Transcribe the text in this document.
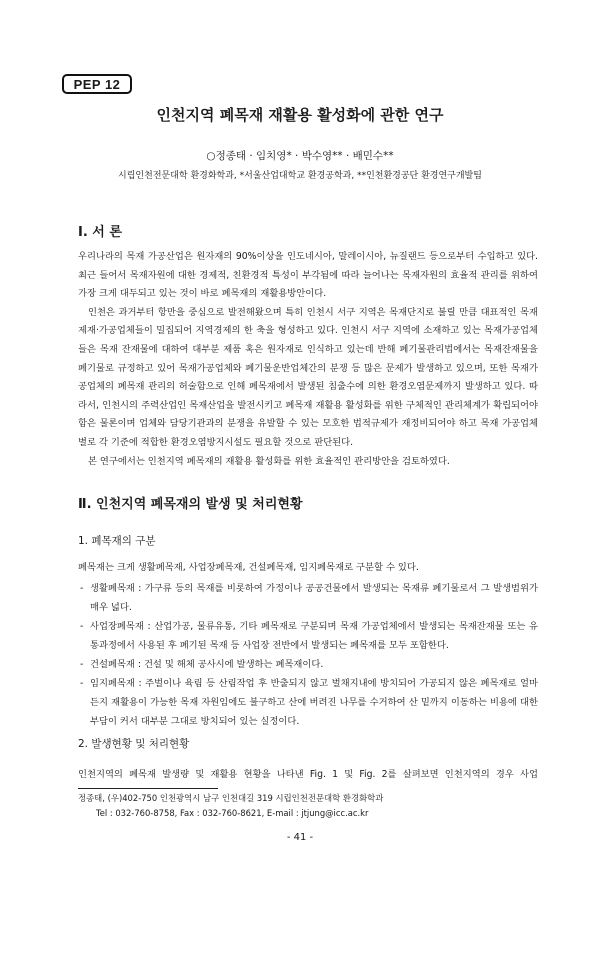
PEP 12
인천지역 폐목재 재활용 활성화에 관한 연구
○정종태 · 임치영* · 박수영** · 배민수**
시립인천전문대학 환경화학과, *서울산업대학교 환경공학과, **인천환경공단 환경연구개발팀
Ⅰ. 서 론

우리나라의 목재 가공산업은 원자재의 90%이상을 인도네시아, 말레이시아, 뉴질랜드 등으로부터 수입하고 있다. 최근 들어서 목재자원에 대한 경제적, 친환경적 특성이 부각됨에 따라 늘어나는 목재자원의 효율적 관리를 위하여 가장 크게 대두되고 있는 것이 바로 폐목재의 재활용방안이다.

인천은 과거부터 항만을 중심으로 발전해왔으며 특히 인천시 서구 지역은 목재단지로 불릴 만큼 대표적인 목재제재·가공업체들이 밀집되어 지역경제의 한 축을 형성하고 있다. 인천시 서구 지역에 소재하고 있는 목재가공업체들은 목재 잔재물에 대하여 대부분 제품 혹은 원자재로 인식하고 있는데 반해 폐기물관리법에서는 목재잔재물을 폐기물로 규정하고 있어 목재가공업체와 폐기물운반업체간의 분쟁 등 많은 문제가 발생하고 있으며, 또한 목재가공업체의 폐목재 관리의 허술함으로 인해 폐목재에서 발생된 침출수에 의한 환경오염문제까지 발생하고 있다. 따라서, 인천시의 주력산업인 목재산업을 발전시키고 폐목재 재활용 활성화를 위한 구체적인 관리체계가 확립되어야 함은 물론이며 업체와 담당기관과의 분쟁을 유발할 수 있는 모호한 법적규제가 재정비되어야 하고 목재 가공업체별로 각 기준에 적합한 환경오염방지시설도 필요할 것으로 판단된다.

본 연구에서는 인천지역 폐목재의 재활용 활성화를 위한 효율적인 관리방안을 검토하였다.

Ⅱ. 인천지역 폐목재의 발생 및 처리현황
1. 폐목재의 구분

폐목재는 크게 생활폐목재, 사업장폐목재, 건설폐목재, 임지폐목재로 구분할 수 있다.

- 생활폐목재 : 가구류 등의 목재를 비롯하여 가정이나 공공건물에서 발생되는 목재류 폐기물로서 그 발생범위가 매우 넓다.
- 사업장폐목재 : 산업가공, 물류유통, 기타 폐목재로 구분되며 목재 가공업체에서 발생되는 목재잔재물 또는 유통과정에서 사용된 후 폐기된 목재 등 사업장 전반에서 발생되는 폐목재를 모두 포함한다.
- 건설폐목재 : 건설 및 해체 공사시에 발생하는 폐목재이다.
- 임지폐목재 : 주벌이나 육림 등 산림작업 후 반출되지 않고 벌채지내에 방치되어 가공되지 않은 폐목재로 얼마든지 재활용이 가능한 목재 자원임에도 불구하고 산에 버려진 나무를 수거하여 산 밑까지 이동하는 비용에 대한 부담이 커서 대부분 그대로 방치되어 있는 실정이다.
2. 발생현황 및 처리현황
인천지역의 폐목재 발생량 및 재활용 현황을 나타낸 Fig. 1 및 Fig. 2를 살펴보면 인천지역의 경우 사업
정종태, (우)402-750 인천광역시 남구 인천대길 319 시립인천전문대학 환경화학과
Tel : 032-760-8758, Fax : 032-760-8621, E-mail : jtjung@icc.ac.kr
- 41 -
